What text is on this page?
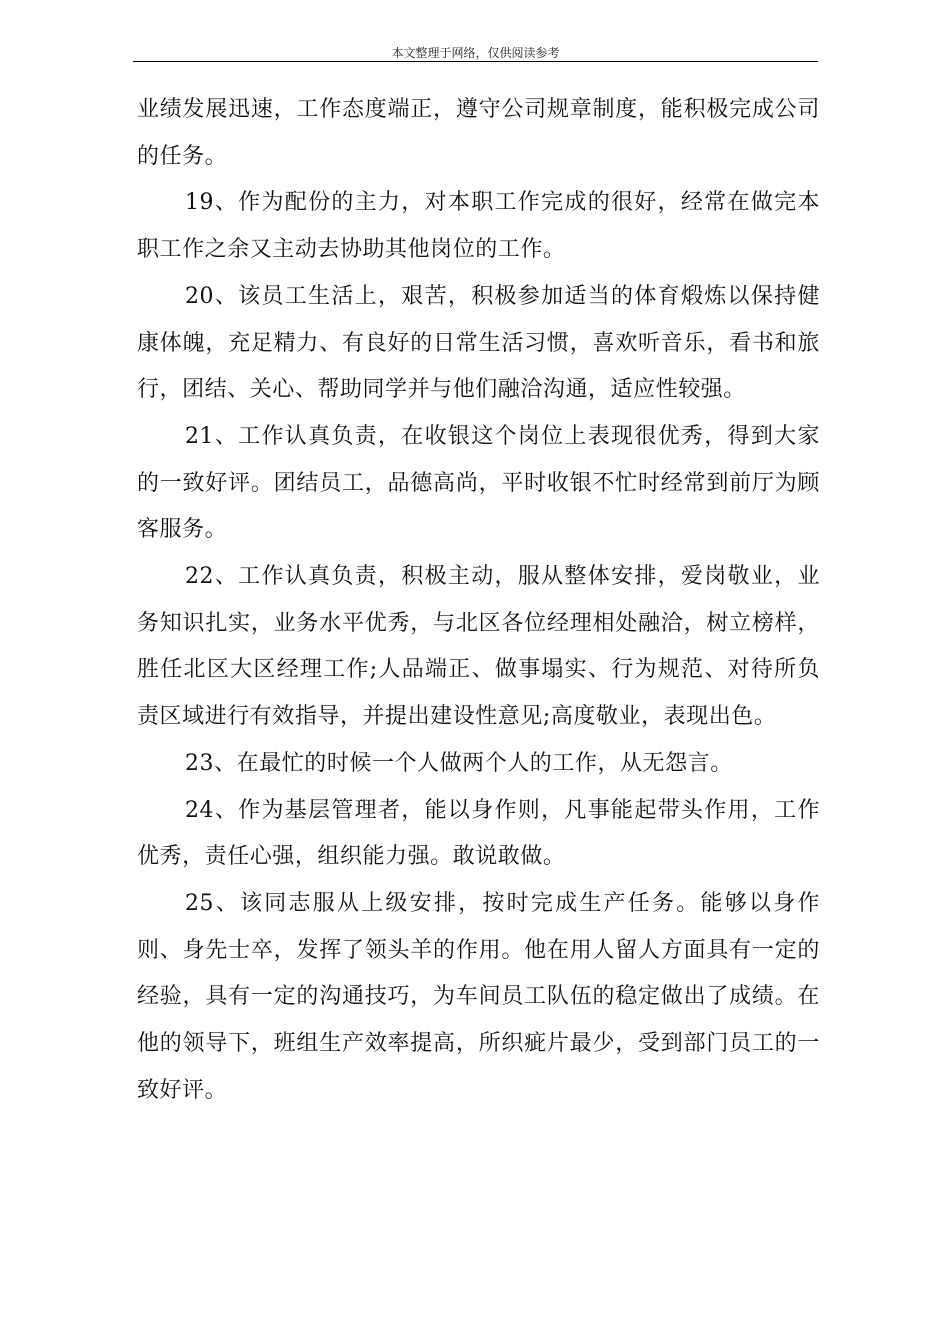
本文整理于网络，仅供阅读参考

业绩发展迅速，工作态度端正，遵守公司规章制度，能积极完成公司的任务。

19、作为配份的主力，对本职工作完成的很好，经常在做完本职工作之余又主动去协助其他岗位的工作。

20、该员工生活上，艰苦，积极参加适当的体育煅炼以保持健康体魄，充足精力、有良好的日常生活习惯，喜欢听音乐，看书和旅行，团结、关心、帮助同学并与他们融洽沟通，适应性较强。

21、工作认真负责，在收银这个岗位上表现很优秀，得到大家的一致好评。团结员工，品德高尚，平时收银不忙时经常到前厅为顾客服务。

22、工作认真负责，积极主动，服从整体安排，爱岗敬业，业务知识扎实，业务水平优秀，与北区各位经理相处融洽，树立榜样，胜任北区大区经理工作;人品端正、做事塌实、行为规范、对待所负责区域进行有效指导，并提出建设性意见;高度敬业，表现出色。

23、在最忙的时候一个人做两个人的工作，从无怨言。

24、作为基层管理者，能以身作则，凡事能起带头作用，工作优秀，责任心强，组织能力强。敢说敢做。

25、该同志服从上级安排，按时完成生产任务。能够以身作则、身先士卒，发挥了领头羊的作用。他在用人留人方面具有一定的经验，具有一定的沟通技巧，为车间员工队伍的稳定做出了成绩。在他的领导下，班组生产效率提高，所织疵片最少，受到部门员工的一致好评。
